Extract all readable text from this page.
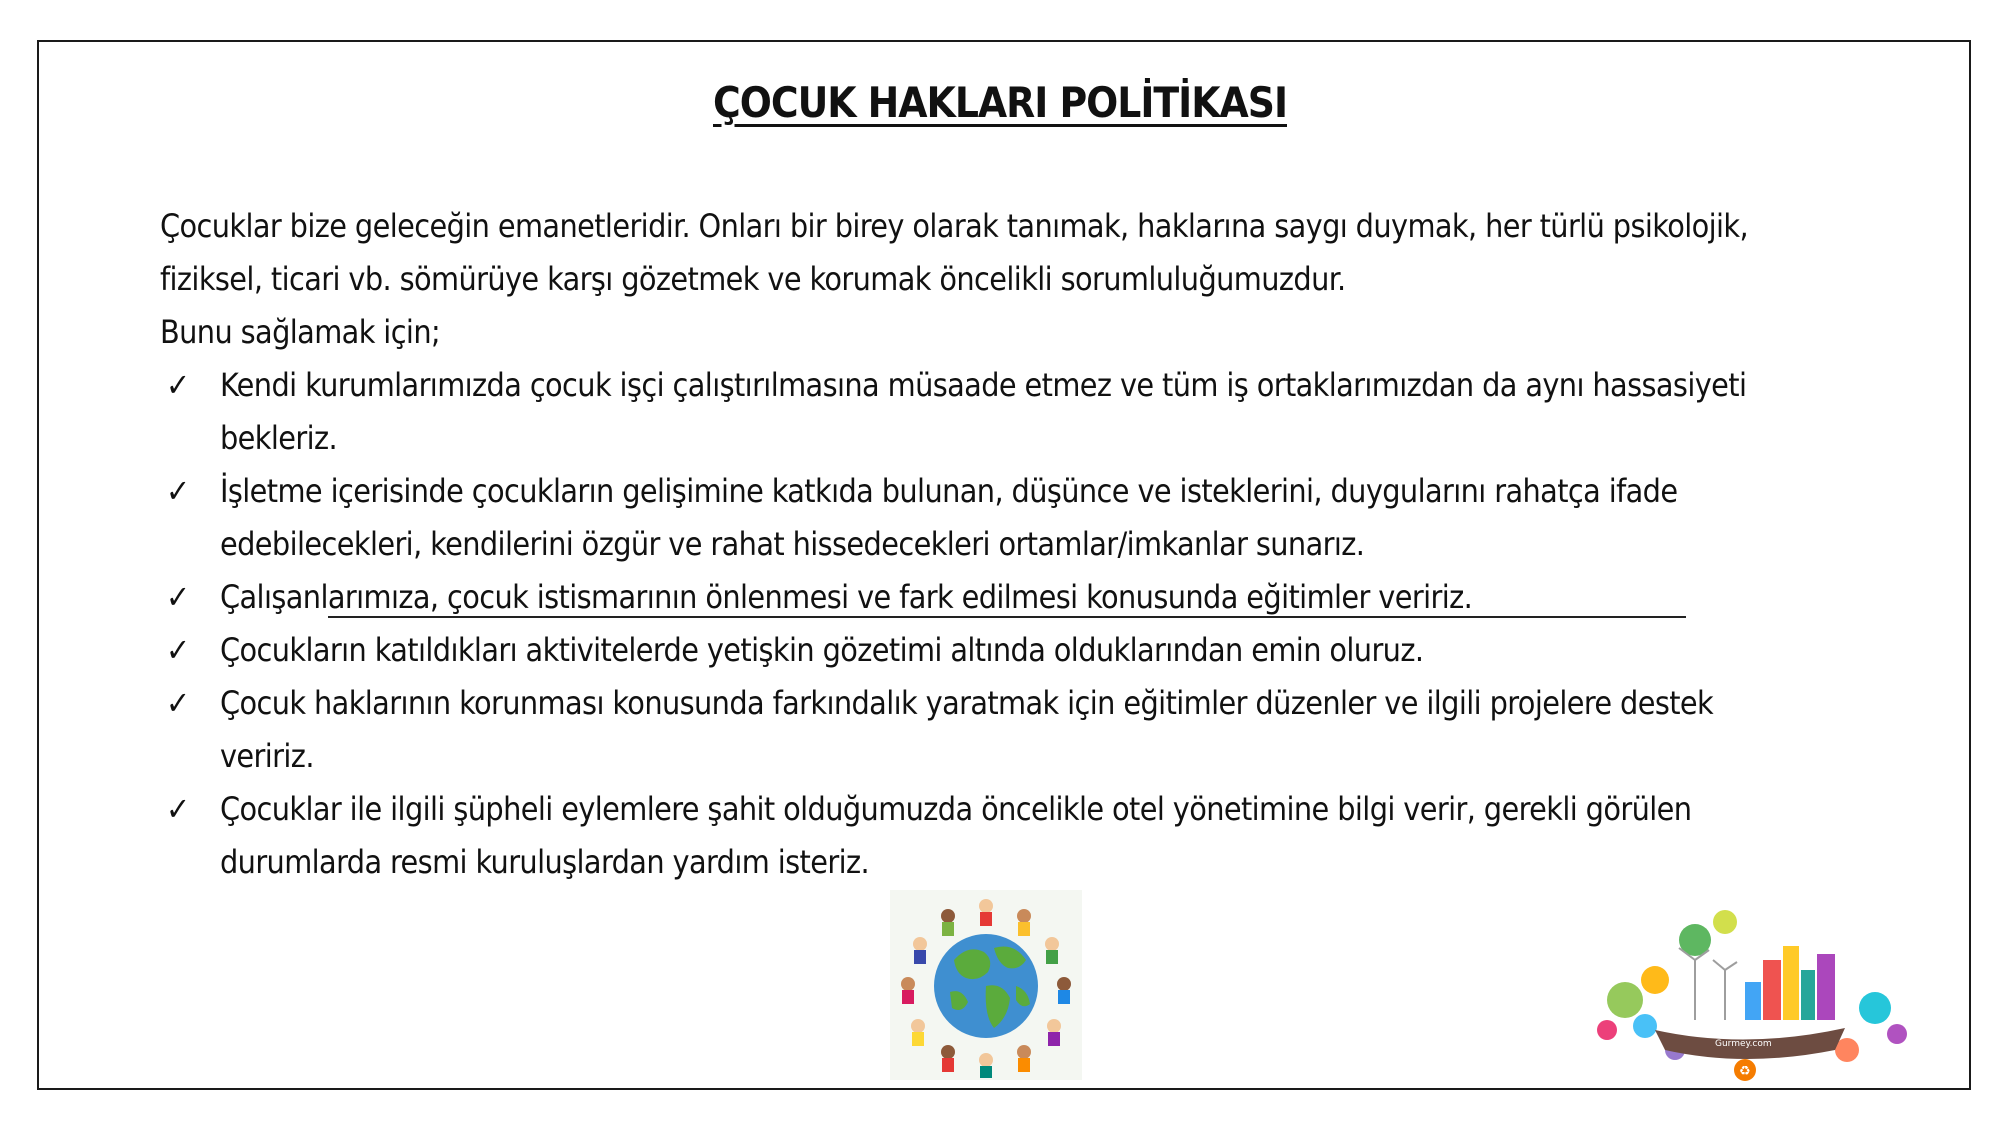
ÇOCUK HAKLARI POLİTİKASI

Çocuklar bize geleceğin emanetleridir. Onları bir birey olarak tanımak, haklarına saygı duymak, her türlü psikolojik,

fiziksel, ticari vb. sömürüye karşı gözetmek ve korumak öncelikli sorumluluğumuzdur.

Bunu sağlamak için;

✓ Kendi kurumlarımızda çocuk işçi çalıştırılmasına müsaade etmez ve tüm iş ortaklarımızdan da aynı hassasiyeti
bekleriz.
✓ İşletme içerisinde çocukların gelişimine katkıda bulunan, düşünce ve isteklerini, duygularını rahatça ifade
edebilecekleri, kendilerini özgür ve rahat hissedecekleri ortamlar/imkanlar sunarız.
✓ Çalışanlarımıza, çocuk istismarının önlenmesi ve fark edilmesi konusunda eğitimler veririz.
✓ Çocukların katıldıkları aktivitelerde yetişkin gözetimi altında olduklarından emin oluruz.
✓ Çocuk haklarının korunması konusunda farkındalık yaratmak için eğitimler düzenler ve ilgili projelere destek
veririz.
✓ Çocuklar ile ilgili şüpheli eylemlere şahit olduğumuzda öncelikle otel yönetimine bilgi verir, gerekli görülen
durumlarda resmi kuruluşlardan yardım isteriz.
Gurmey.com
♻
